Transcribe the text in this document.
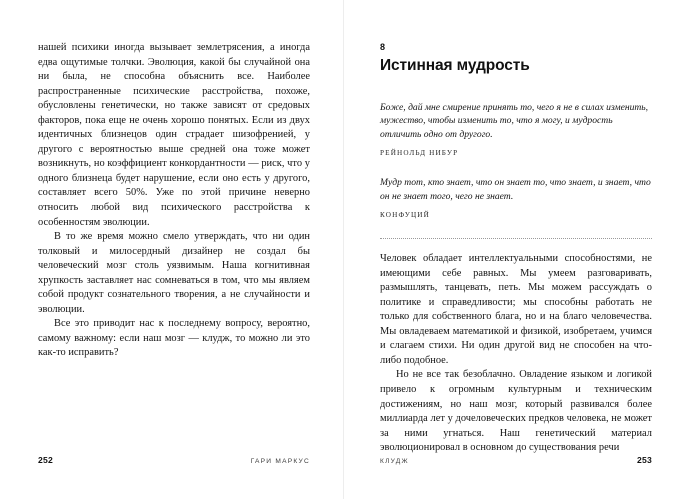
нашей психики иногда вызывает землетрясения, а иногда едва ощутимые толчки. Эволюция, какой бы случайной она ни была, не способна объяснить все. Наиболее распространенные психические расстройства, похоже, обусловлены генетически, но также зависят от средовых факторов, пока еще не очень хорошо понятых. Если из двух идентичных близнецов один страдает шизофренией, у другого с вероятностью выше средней она тоже может возникнуть, но коэффициент конкордантности — риск, что у одного близнеца будет нарушение, если оно есть у другого, составляет всего 50%. Уже по этой причине неверно относить любой вид психического расстройства к особенностям эволюции.

В то же время можно смело утверждать, что ни один толковый и милосердный дизайнер не создал бы человеческий мозг столь уязвимым. Наша когнитивная хрупкость заставляет нас сомневаться в том, что мы являем собой продукт сознательного творения, а не случайности и эволюции.

Все это приводит нас к последнему вопросу, вероятно, самому важному: если наш мозг — клудж, то можно ли это как-то исправить?

252	ГАРИ МАРКУС
8
Истинная мудрость

Боже, дай мне смирение принять то, чего я не в силах изменить, мужество, чтобы изменить то, что я могу, и мудрость отличить одно от другого.

РЕЙНОЛЬД НИБУР

Мудр тот, кто знает, что он знает то, что знает, и знает, что он не знает того, чего не знает.

КОНФУЦИЙ

Человек обладает интеллектуальными способностями, не имеющими себе равных. Мы умеем разговаривать, размышлять, танцевать, петь. Мы можем рассуждать о политике и справедливости; мы способны работать не только для собственного блага, но и на благо человечества. Мы овладеваем математикой и физикой, изобретаем, учимся и слагаем стихи. Ни один другой вид не способен на что-либо подобное.

Но не все так безоблачно. Овладение языком и логикой привело к огромным культурным и техническим достижениям, но наш мозг, который развивался более миллиарда лет у дочеловеческих предков человека, не может за ними угнаться. Наш генетический материал эволюционировал в основном до существования речи

КЛУДЖ	253
